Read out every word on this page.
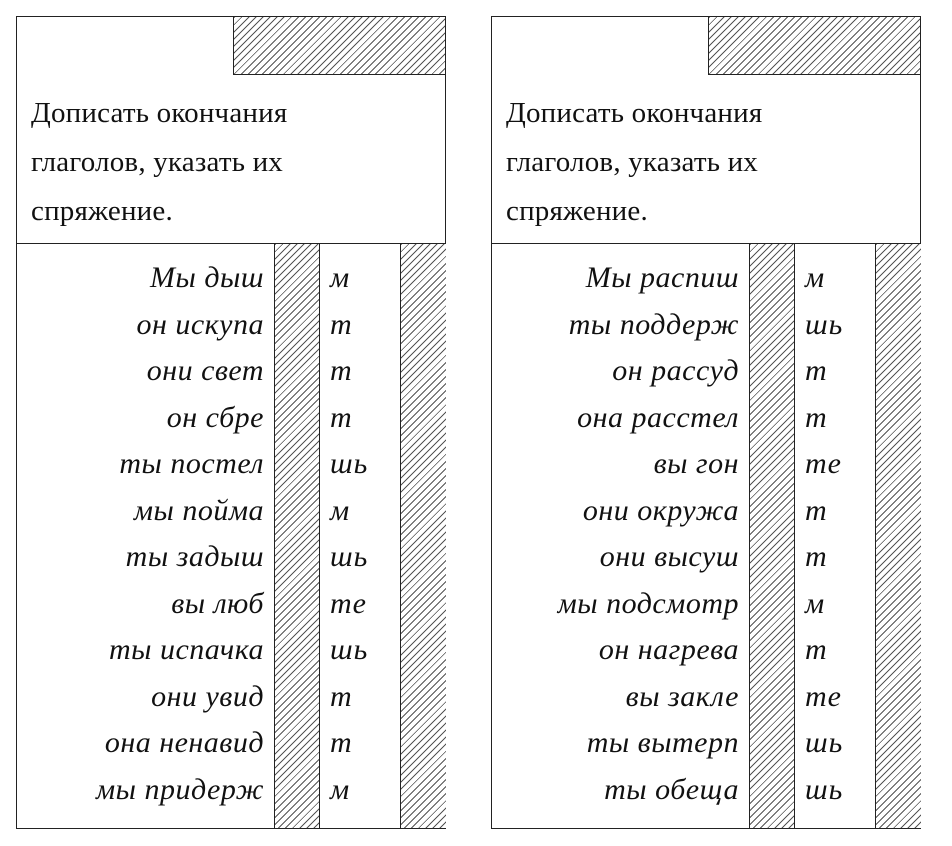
Дописать окончания
глаголов, указать их
спряжение.
Мы дыш м
он искупа т
они свет т
он сбре т
ты постел шь
мы пойма м
ты задыш шь
вы люб те
ты испачка шь
они увид т
она ненавид т
мы придерж м
Дописать окончания
глаголов, указать их
спряжение.
Мы распиш м
ты поддерж шь
он рассуд т
она расстел т
вы гон те
они окружа т
они высуш т
мы подсмотр м
он нагрева т
вы закле те
ты вытерп шь
ты обеща шь
